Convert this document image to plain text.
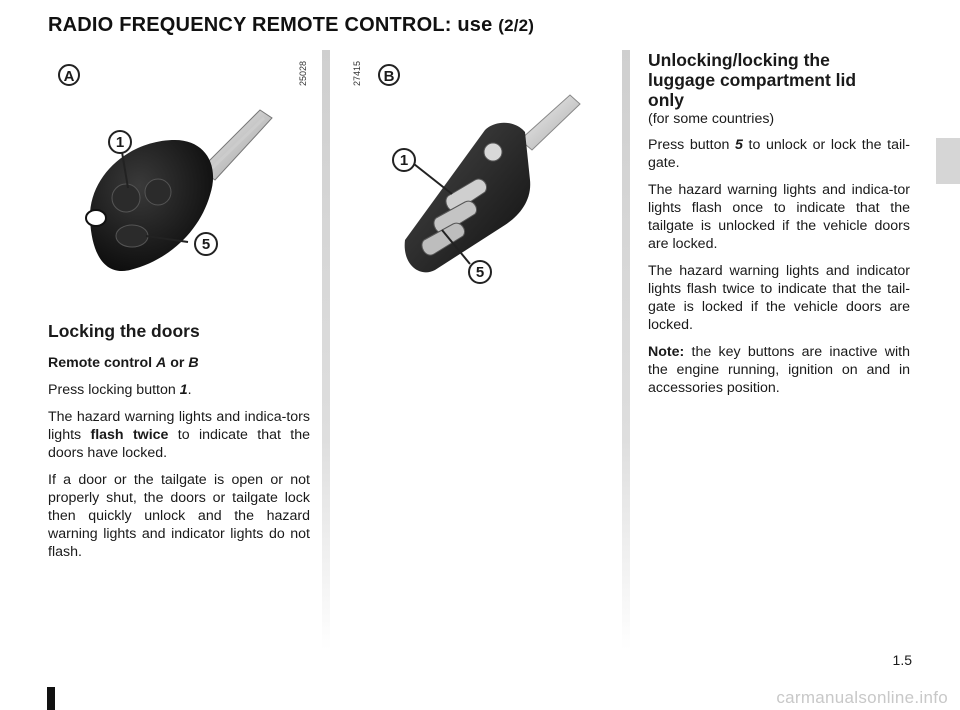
RADIO FREQUENCY REMOTE CONTROL: use (2/2)
A	25028
1
5
B
27415
1
5
Locking the doors

Remote control A or B

Press locking button 1.

The hazard warning lights and indica-tors lights flash twice to indicate that the doors have locked.

If a door or the tailgate is open or not properly shut, the doors or tailgate lock then quickly unlock and the hazard warning lights and indicator lights do not flash.

Unlocking/locking the luggage compartment lid only

(for some countries)

Press button 5 to unlock or lock the tail-gate.

The hazard warning lights and indica-tor lights flash once to indicate that the tailgate is unlocked if the vehicle doors are locked.

The hazard warning lights and indicator lights flash twice to indicate that the tail-gate is locked if the vehicle doors are locked.

Note: the key buttons are inactive with the engine running, ignition on and in accessories position.

1.5
carmanualsonline.info
